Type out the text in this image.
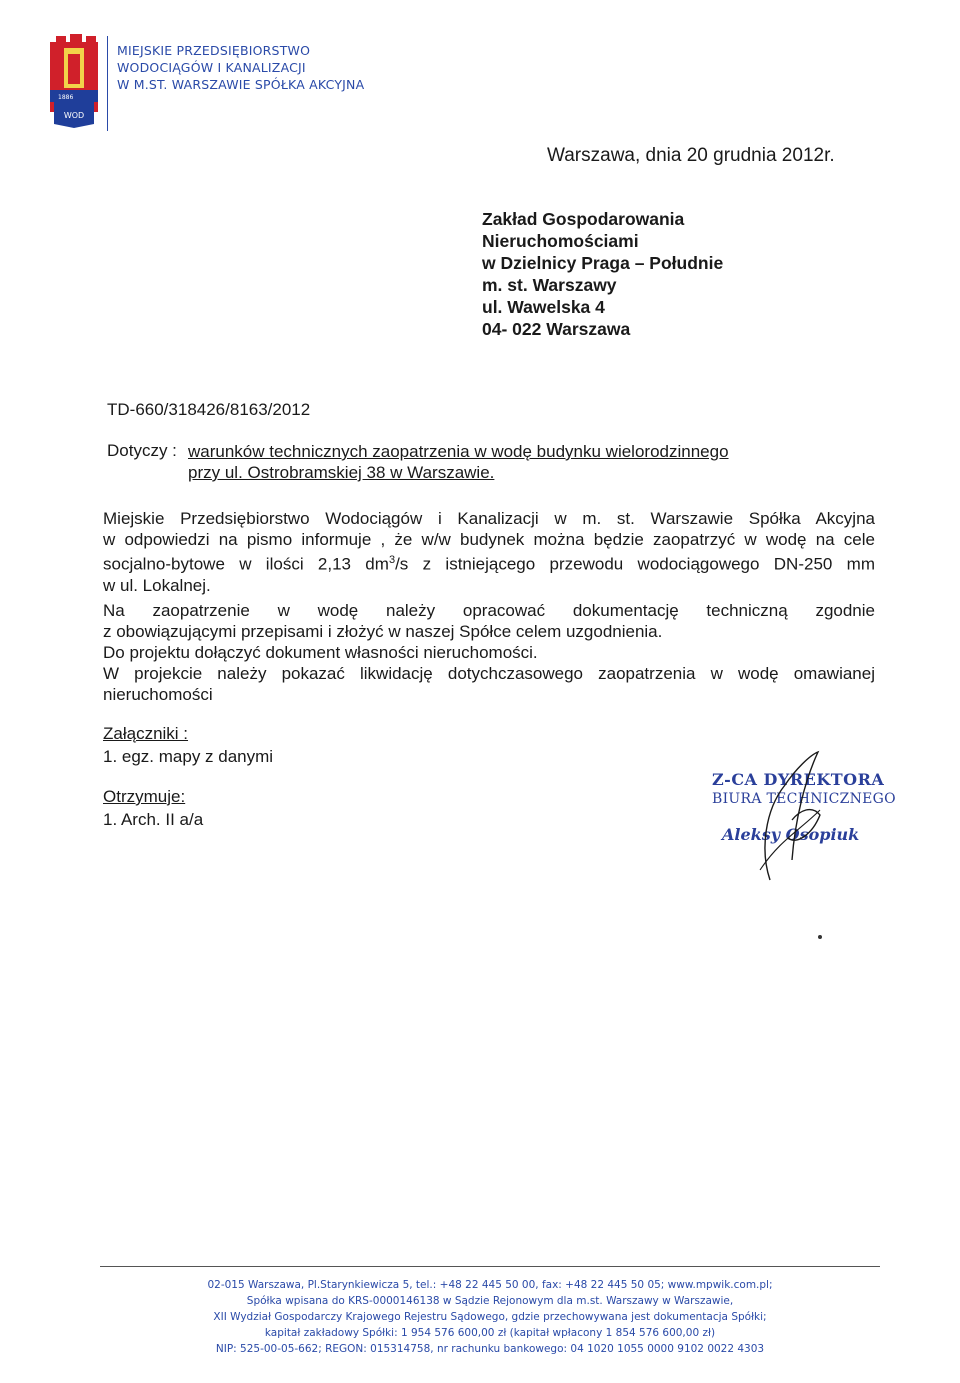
WOD
1886
MIEJSKIE PRZEDSIĘBIORSTWO
WODOCIĄGÓW I KANALIZACJI
W M.ST. WARSZAWIE SPÓŁKA AKCYJNA
Warszawa, dnia 20 grudnia 2012r.
Zakład Gospodarowania
Nieruchomościami
w Dzielnicy Praga – Południe
m. st. Warszawy
ul. Wawelska 4
04- 022 Warszawa
TD-660/318426/8163/2012
Dotyczy : warunków technicznych zaopatrzenia w wodę budynku wielorodzinnego
przy ul. Ostrobramskiej 38 w Warszawie.
Miejskie Przedsiębiorstwo Wodociągów i Kanalizacji w m. st. Warszawie Spółka Akcyjna
w odpowiedzi na pismo informuje , że w/w budynek można będzie zaopatrzyć w wodę na cele
socjalno-bytowe w ilości 2,13 $dm^3/s$ z istniejącego przewodu wodociągowego DN-250 mm
w ul. Lokalnej.
Na zaopatrzenie w wodę należy opracować dokumentację techniczną zgodnie
z obowiązującymi przepisami i złożyć w naszej Spółce celem uzgodnienia.
Do projektu dołączyć dokument własności nieruchomości.
W projekcie należy pokazać likwidację dotychczasowego zaopatrzenia w wodę omawianej
nieruchomości
Załączniki :
1. egz. mapy z danymi
Otrzymuje:
1. Arch. II a/a
Z-CA DYREKTORA
BIURA TECHNICZNEGO
Aleksy Osopiuk
02-015 Warszawa, Pl.Starynkiewicza 5, tel.: +48 22 445 50 00, fax: +48 22 445 50 05; www.mpwik.com.pl;
Spółka wpisana do KRS-0000146138 w Sądzie Rejonowym dla m.st. Warszawy w Warszawie,
XII Wydział Gospodarczy Krajowego Rejestru Sądowego, gdzie przechowywana jest dokumentacja Spółki;
kapitał zakładowy Spółki: 1 954 576 600,00 zł (kapitał wpłacony 1 854 576 600,00 zł)
NIP: 525-00-05-662; REGON: 015314758, nr rachunku bankowego: 04 1020 1055 0000 9102 0022 4303
